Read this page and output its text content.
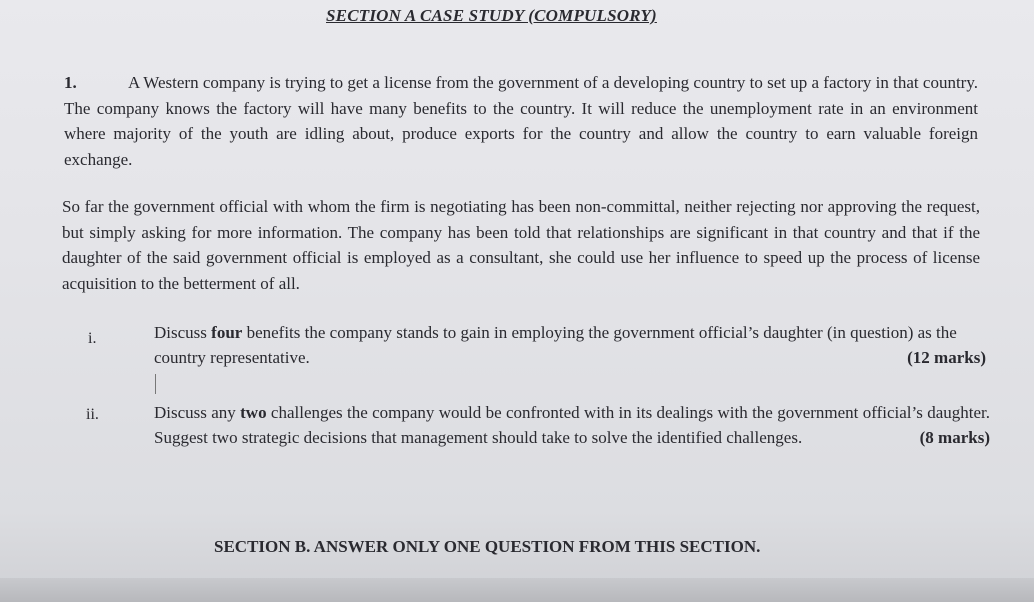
SECTION A CASE STUDY (COMPULSORY)
1.	A Western company is trying to get a license from the government of a developing country to set up a factory in that country. The company knows the factory will have many benefits to the country. It will reduce the unemployment rate in an environment where majority of the youth are idling about, produce exports for the country and allow the country to earn valuable foreign exchange.
So far the government official with whom the firm is negotiating has been non-committal, neither rejecting nor approving the request, but simply asking for more information. The company has been told that relationships are significant in that country and that if the daughter of the said government official is employed as a consultant, she could use her influence to speed up the process of license acquisition to the betterment of all.
i.	Discuss four benefits the company stands to gain in employing the government official’s daughter (in question) as the country representative.	(12 marks)
ii.	Discuss any two challenges the company would be confronted with in its dealings with the government official’s daughter. Suggest two strategic decisions that management should take to solve the identified challenges.	(8 marks)
SECTION B. ANSWER ONLY ONE QUESTION FROM THIS SECTION.
